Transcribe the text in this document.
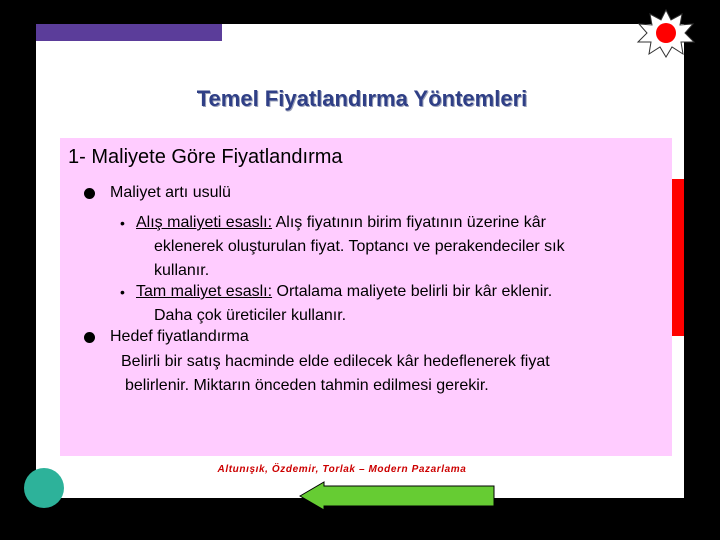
Temel Fiyatlandırma Yöntemleri
1- Maliyete Göre Fiyatlandırma
Maliyet artı usulü
• Alış maliyeti esaslı: Alış fiyatının birim fiyatının üzerine kâr
eklenerek oluşturulan fiyat. Toptancı ve perakendeciler sık
kullanır.
• Tam maliyet esaslı: Ortalama maliyete belirli bir kâr eklenir.
Daha çok üreticiler kullanır.
Hedef fiyatlandırma
Belirli bir satış hacminde elde edilecek kâr hedeflenerek fiyat
belirlenir. Miktarın önceden tahmin edilmesi gerekir.
Altunışık, Özdemir, Torlak – Modern Pazarlama
